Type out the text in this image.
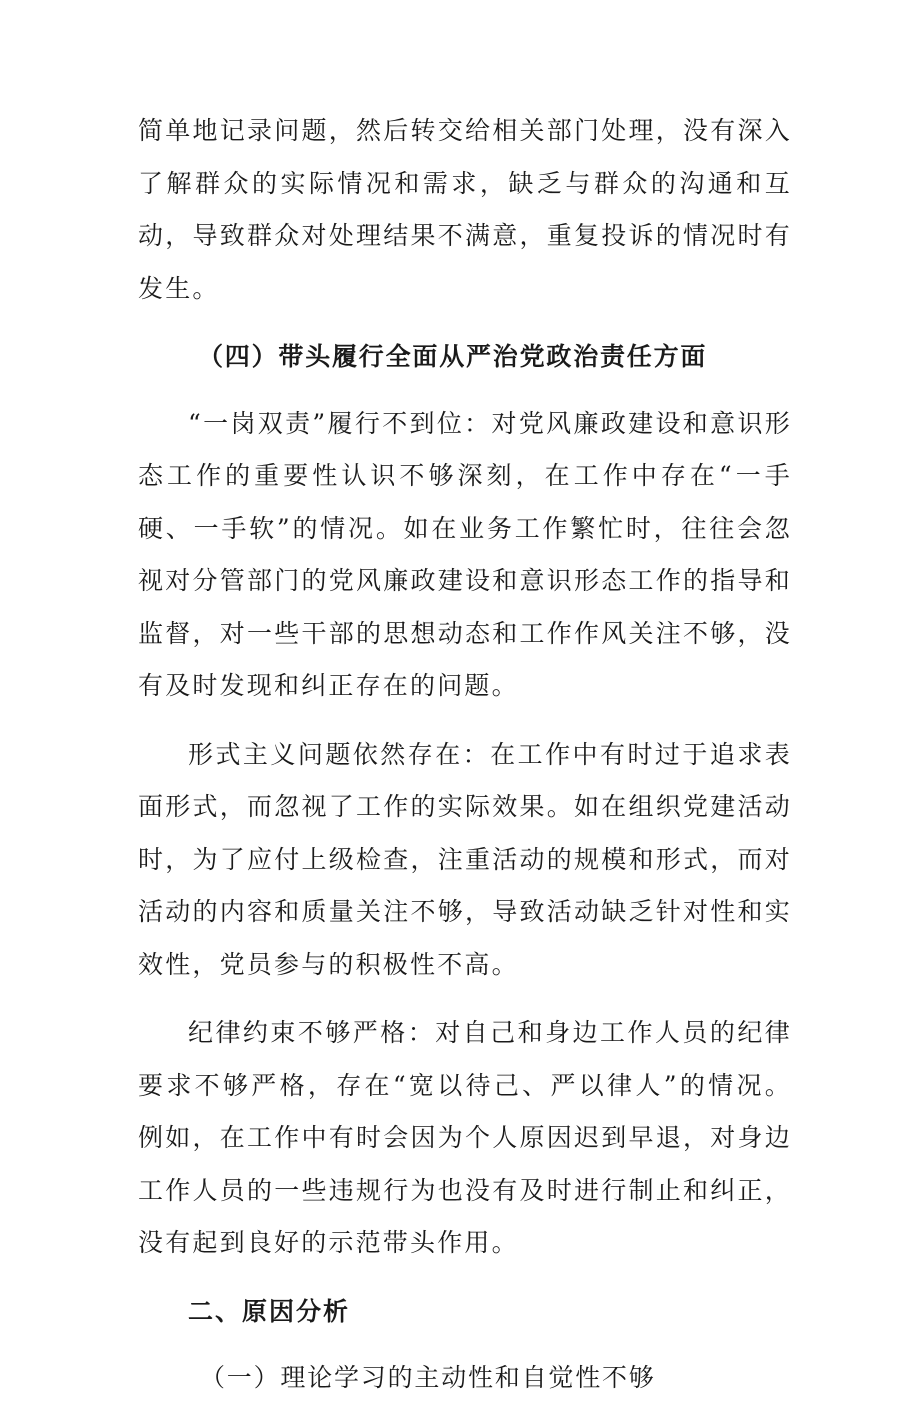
简单地记录问题，然后转交给相关部门处理，没有深入了解群众的实际情况和需求，缺乏与群众的沟通和互动，导致群众对处理结果不满意，重复投诉的情况时有发生。

（四）带头履行全面从严治党政治责任方面

“一岗双责”履行不到位：对党风廉政建设和意识形态工作的重要性认识不够深刻，在工作中存在“一手硬、一手软”的情况。如在业务工作繁忙时，往往会忽视对分管部门的党风廉政建设和意识形态工作的指导和监督，对一些干部的思想动态和工作作风关注不够，没有及时发现和纠正存在的问题。

形式主义问题依然存在：在工作中有时过于追求表面形式，而忽视了工作的实际效果。如在组织党建活动时，为了应付上级检查，注重活动的规模和形式，而对活动的内容和质量关注不够，导致活动缺乏针对性和实效性，党员参与的积极性不高。

纪律约束不够严格：对自己和身边工作人员的纪律要求不够严格，存在“宽以待己、严以律人”的情况。例如，在工作中有时会因为个人原因迟到早退，对身边工作人员的一些违规行为也没有及时进行制止和纠正，没有起到良好的示范带头作用。

二、原因分析

（一）理论学习的主动性和自觉性不够
